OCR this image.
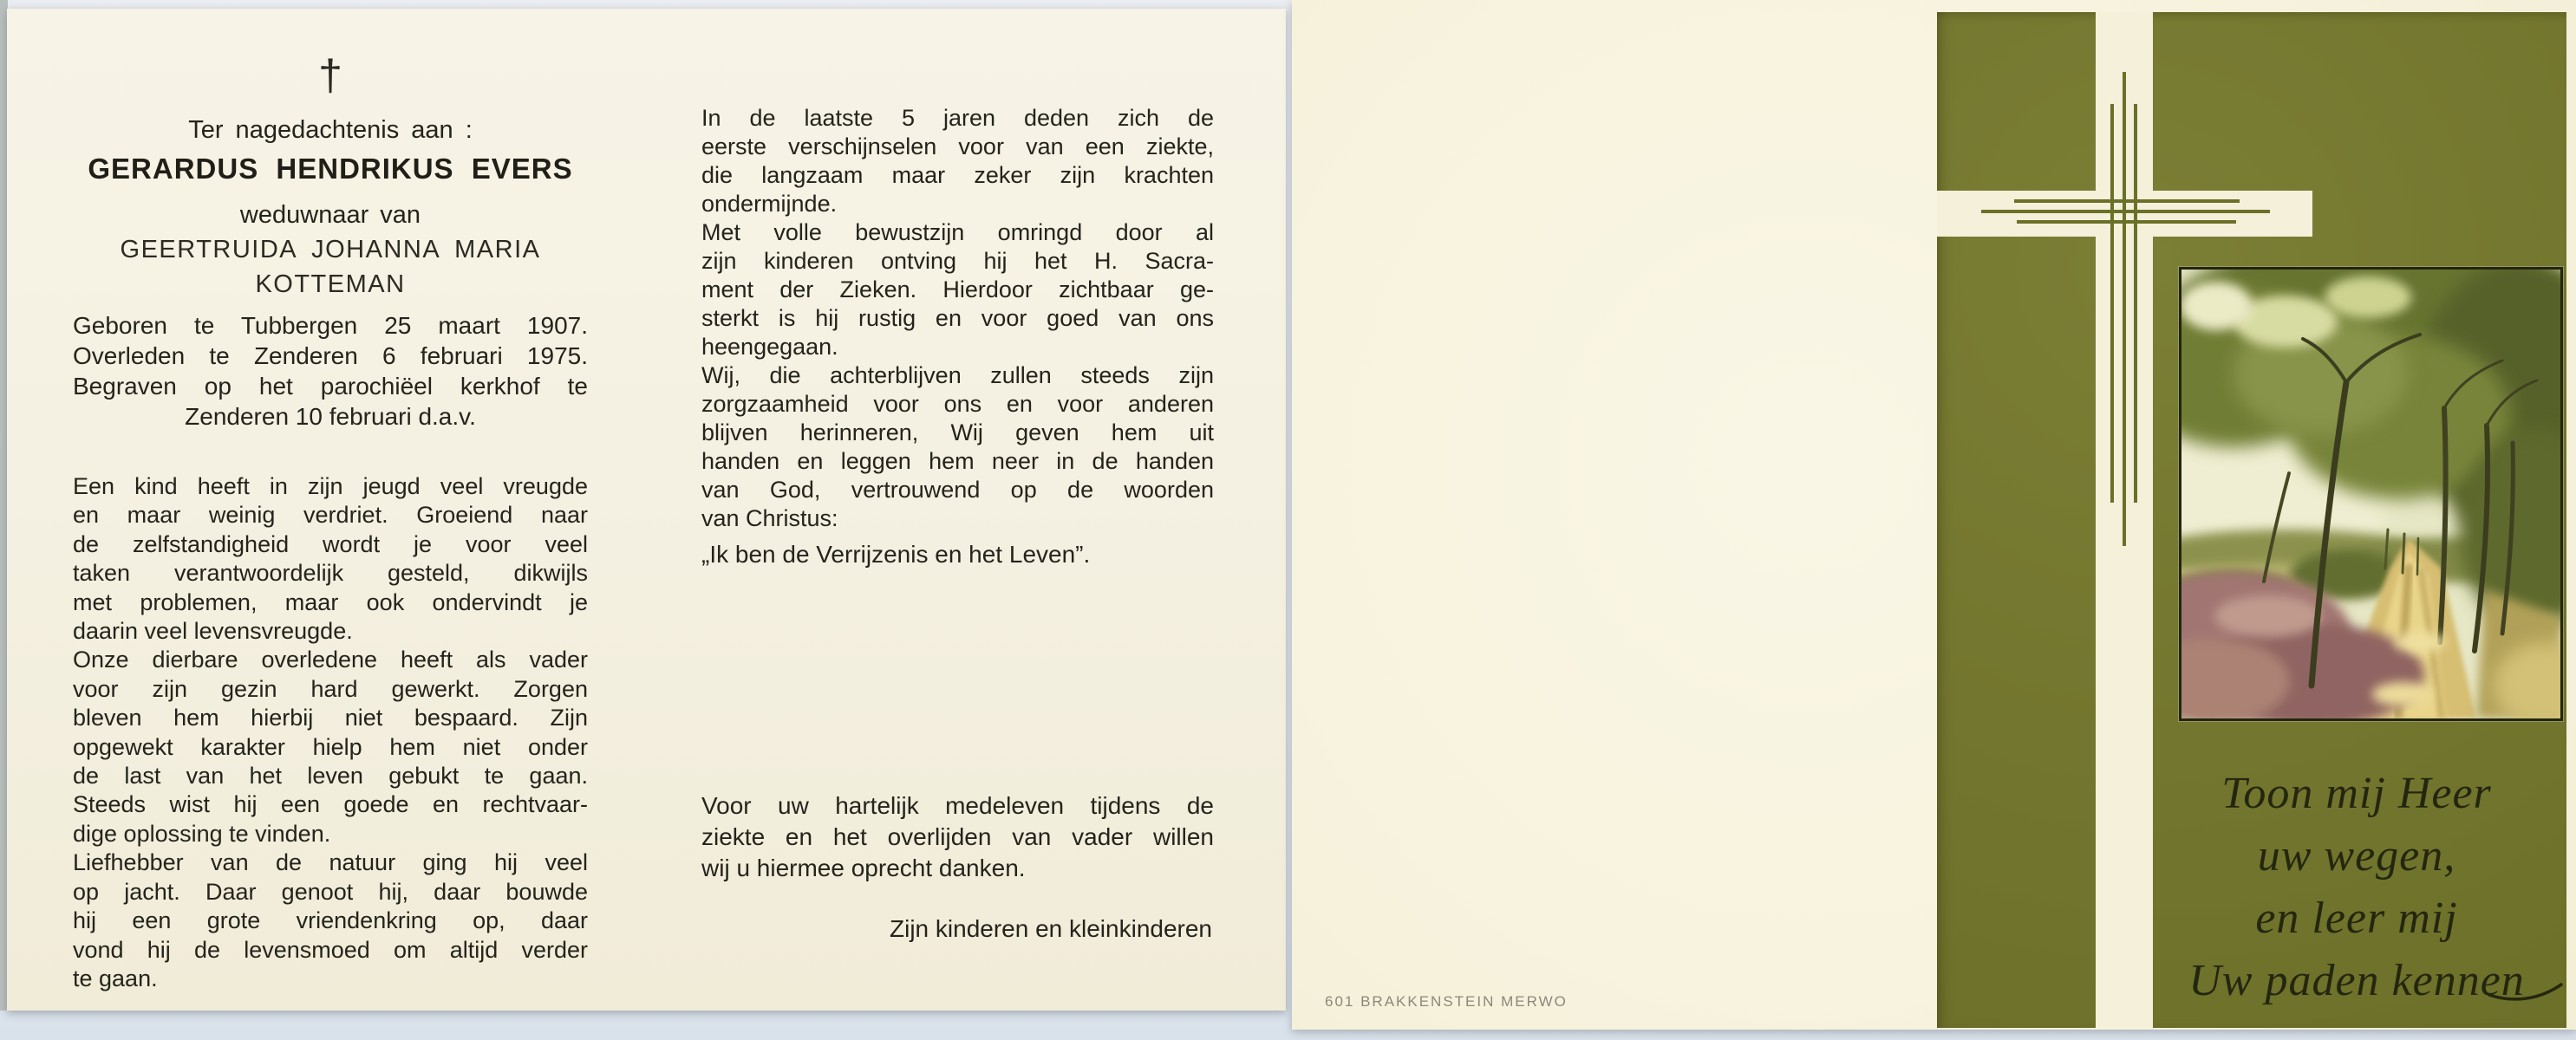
†
Ter nagedachtenis aan :
GERARDUS HENDRIKUS EVERS
weduwnaar van
GEERTRUIDA JOHANNA MARIA
KOTTEMAN
Geboren te Tubbergen 25 maart 1907.
Overleden te Zenderen 6 februari 1975.
Begraven op het parochiëel kerkhof te
Zenderen 10 februari d.a.v.
Een kind heeft in zijn jeugd veel vreugde
en maar weinig verdriet. Groeiend naar
de zelfstandigheid wordt je voor veel
taken verantwoordelijk gesteld, dikwijls
met problemen, maar ook ondervindt je
daarin veel levensvreugde.
Onze dierbare overledene heeft als vader
voor zijn gezin hard gewerkt. Zorgen
bleven hem hierbij niet bespaard. Zijn
opgewekt karakter hielp hem niet onder
de last van het leven gebukt te gaan.
Steeds wist hij een goede en rechtvaar-
dige oplossing te vinden.
Liefhebber van de natuur ging hij veel
op jacht. Daar genoot hij, daar bouwde
hij een grote vriendenkring op, daar
vond hij de levensmoed om altijd verder
te gaan.
In de laatste 5 jaren deden zich de
eerste verschijnselen voor van een ziekte,
die langzaam maar zeker zijn krachten
ondermijnde.
Met volle bewustzijn omringd door al
zijn kinderen ontving hij het H. Sacra-
ment der Zieken. Hierdoor zichtbaar ge-
sterkt is hij rustig en voor goed van ons
heengegaan.
Wij, die achterblijven zullen steeds zijn
zorgzaamheid voor ons en voor anderen
blijven herinneren, Wij geven hem uit
handen en leggen hem neer in de handen
van God, vertrouwend op de woorden
van Christus:
„Ik ben de Verrijzenis en het Leven”.
Voor uw hartelijk medeleven tijdens de
ziekte en het overlijden van vader willen
wij u hiermee oprecht danken.
Zijn kinderen en kleinkinderen
601 BRAKKENSTEIN MERWO
Toon mij Heer
uw wegen,
en leer mij
Uw paden kennen
